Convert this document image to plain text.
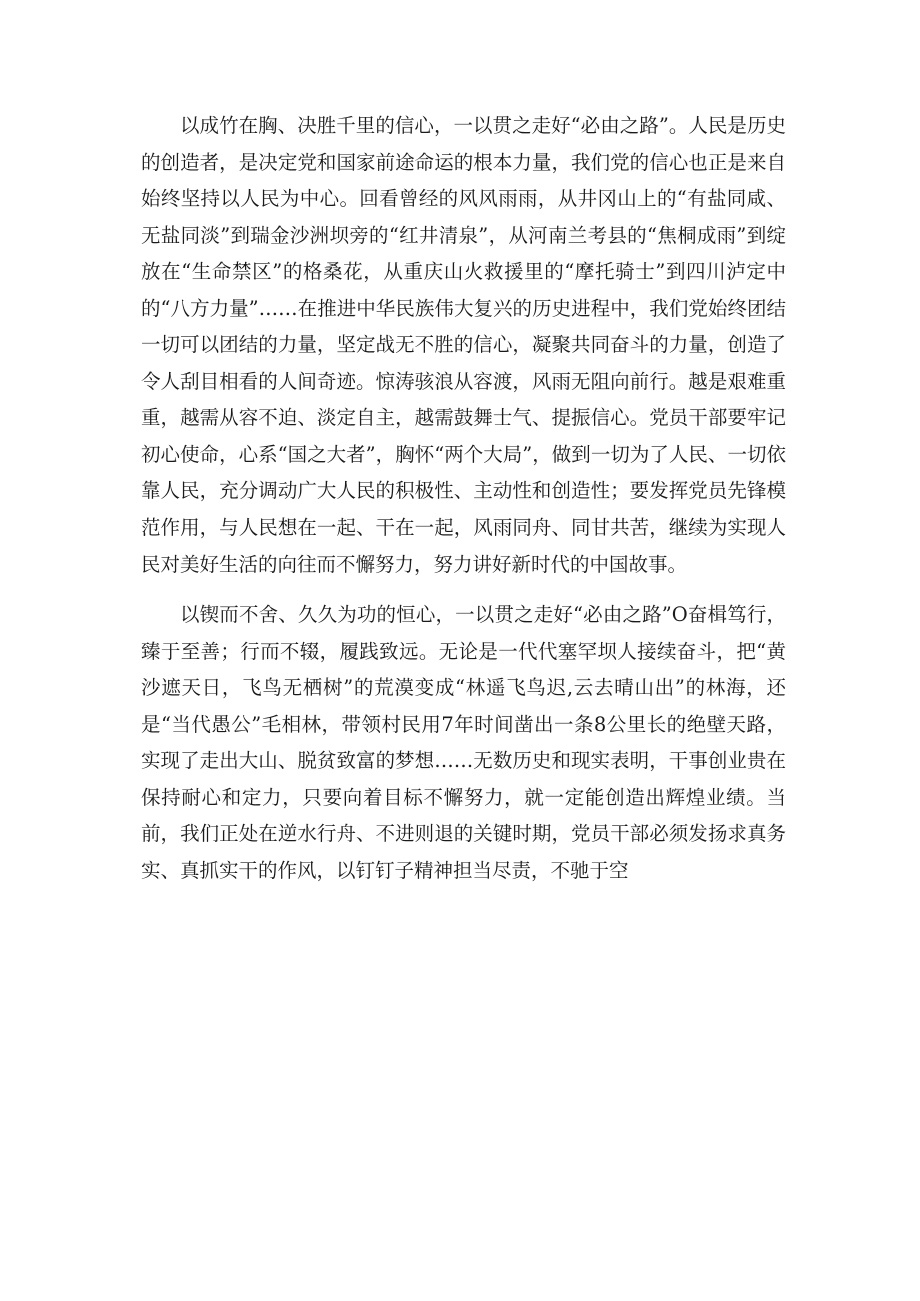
以成竹在胸、决胜千里的信心，一以贯之走好“必由之路”。人民是历史的创造者，是决定党和国家前途命运的根本力量，我们党的信心也正是来自始终坚持以人民为中心。回看曾经的风风雨雨，从井冈山上的“有盐同咸、无盐同淡”到瑞金沙洲坝旁的“红井清泉”，从河南兰考县的“焦桐成雨”到绽放在“生命禁区”的格桑花，从重庆山火救援里的“摩托骑士”到四川泸定中的“八方力量”……在推进中华民族伟大复兴的历史进程中，我们党始终团结一切可以团结的力量，坚定战无不胜的信心，凝聚共同奋斗的力量，创造了令人刮目相看的人间奇迹。惊涛骇浪从容渡，风雨无阻向前行。越是艰难重重，越需从容不迫、淡定自主，越需鼓舞士气、提振信心。党员干部要牢记初心使命，心系“国之大者”，胸怀“两个大局”，做到一切为了人民、一切依靠人民，充分调动广大人民的积极性、主动性和创造性；要发挥党员先锋模范作用，与人民想在一起、干在一起，风雨同舟、同甘共苦，继续为实现人民对美好生活的向往而不懈努力，努力讲好新时代的中国故事。

以锲而不舍、久久为功的恒心，一以贯之走好“必由之路”O奋楫笃行，臻于至善；行而不辍，履践致远。无论是一代代塞罕坝人接续奋斗，把“黄沙遮天日，飞鸟无栖树”的荒漠变成“林遥飞鸟迟,云去晴山出”的林海，还是“当代愚公”毛相林，带领村民用7年时间凿出一条8公里长的绝壁天路，实现了走出大山、脱贫致富的梦想……无数历史和现实表明，干事创业贵在保持耐心和定力，只要向着目标不懈努力，就一定能创造出辉煌业绩。当前，我们正处在逆水行舟、不进则退的关键时期，党员干部必须发扬求真务实、真抓实干的作风，以钉钉子精神担当尽责，不驰于空
